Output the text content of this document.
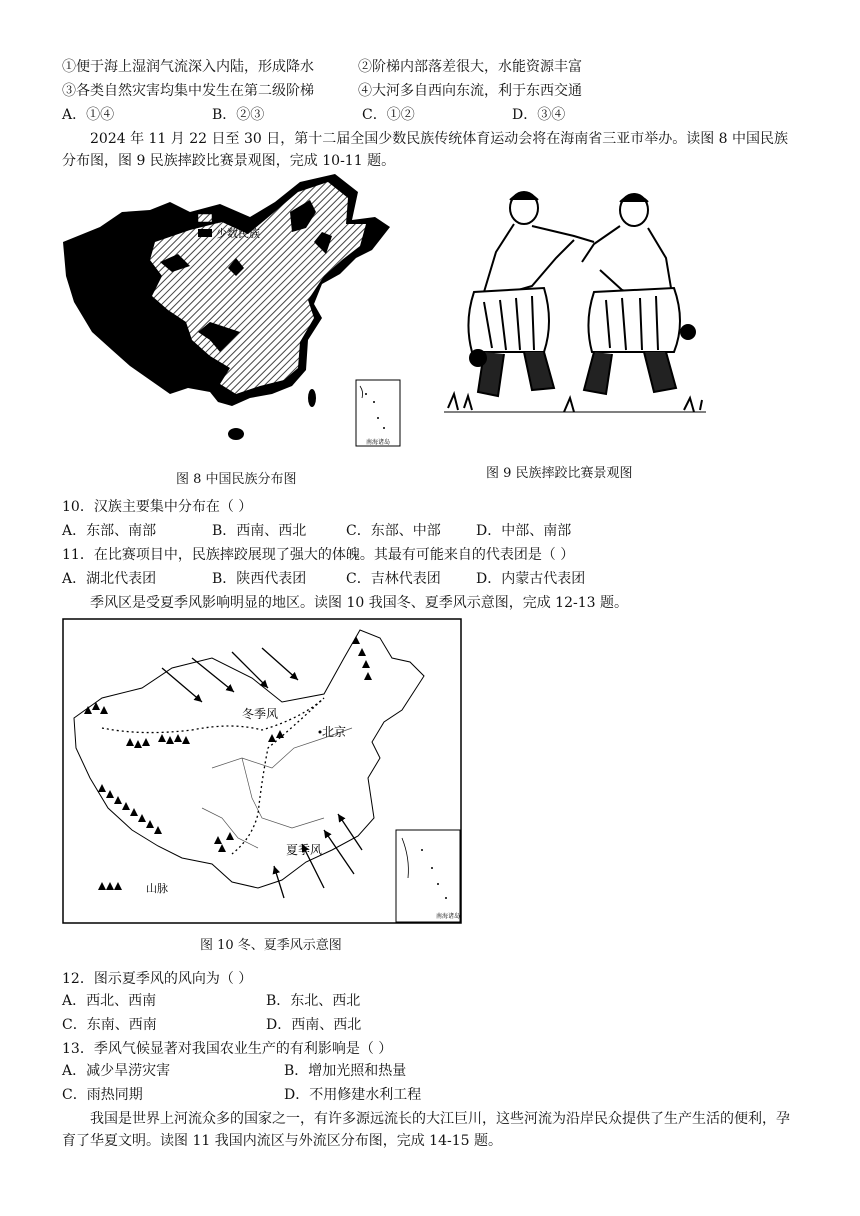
①便于海上湿润气流深入内陆，形成降水	②阶梯内部落差很大，水能资源丰富
③各类自然灾害均集中发生在第二级阶梯	④大河多自西向东流，利于东西交通
A．①④	B．②③	C．①②	D．③④
2024 年 11 月 22 日至 30 日，第十二届全国少数民族传统体育运动会将在海南省三亚市举办。读图 8 中国民族分布图，图 9 民族摔跤比赛景观图，完成 10-11 题。
汉族
少数民族
南海诸岛
图 8 中国民族分布图	图 9 民族摔跤比赛景观图
10．汉族主要集中分布在（ ）
A．东部、南部	B．西南、西北	C．东部、中部	D．中部、南部
11．在比赛项目中，民族摔跤展现了强大的体魄。其最有可能来自的代表团是（ ）
A．湖北代表团	B．陕西代表团	C．吉林代表团	D．内蒙古代表团
季风区是受夏季风影响明显的地区。读图 10 我国冬、夏季风示意图，完成 12-13 题。
冬季风
北京
夏季风
山脉
南海诸岛
图 10 冬、夏季风示意图
12．图示夏季风的风向为（ ）
A．西北、西南	B．东北、西北
C．东南、西南	D．西南、西北
13．季风气候显著对我国农业生产的有利影响是（ ）
A．减少旱涝灾害	B．增加光照和热量
C．雨热同期	D．不用修建水利工程
我国是世界上河流众多的国家之一，有许多源远流长的大江巨川，这些河流为沿岸民众提供了生产生活的便利，孕育了华夏文明。读图 11 我国内流区与外流区分布图，完成 14-15 题。
